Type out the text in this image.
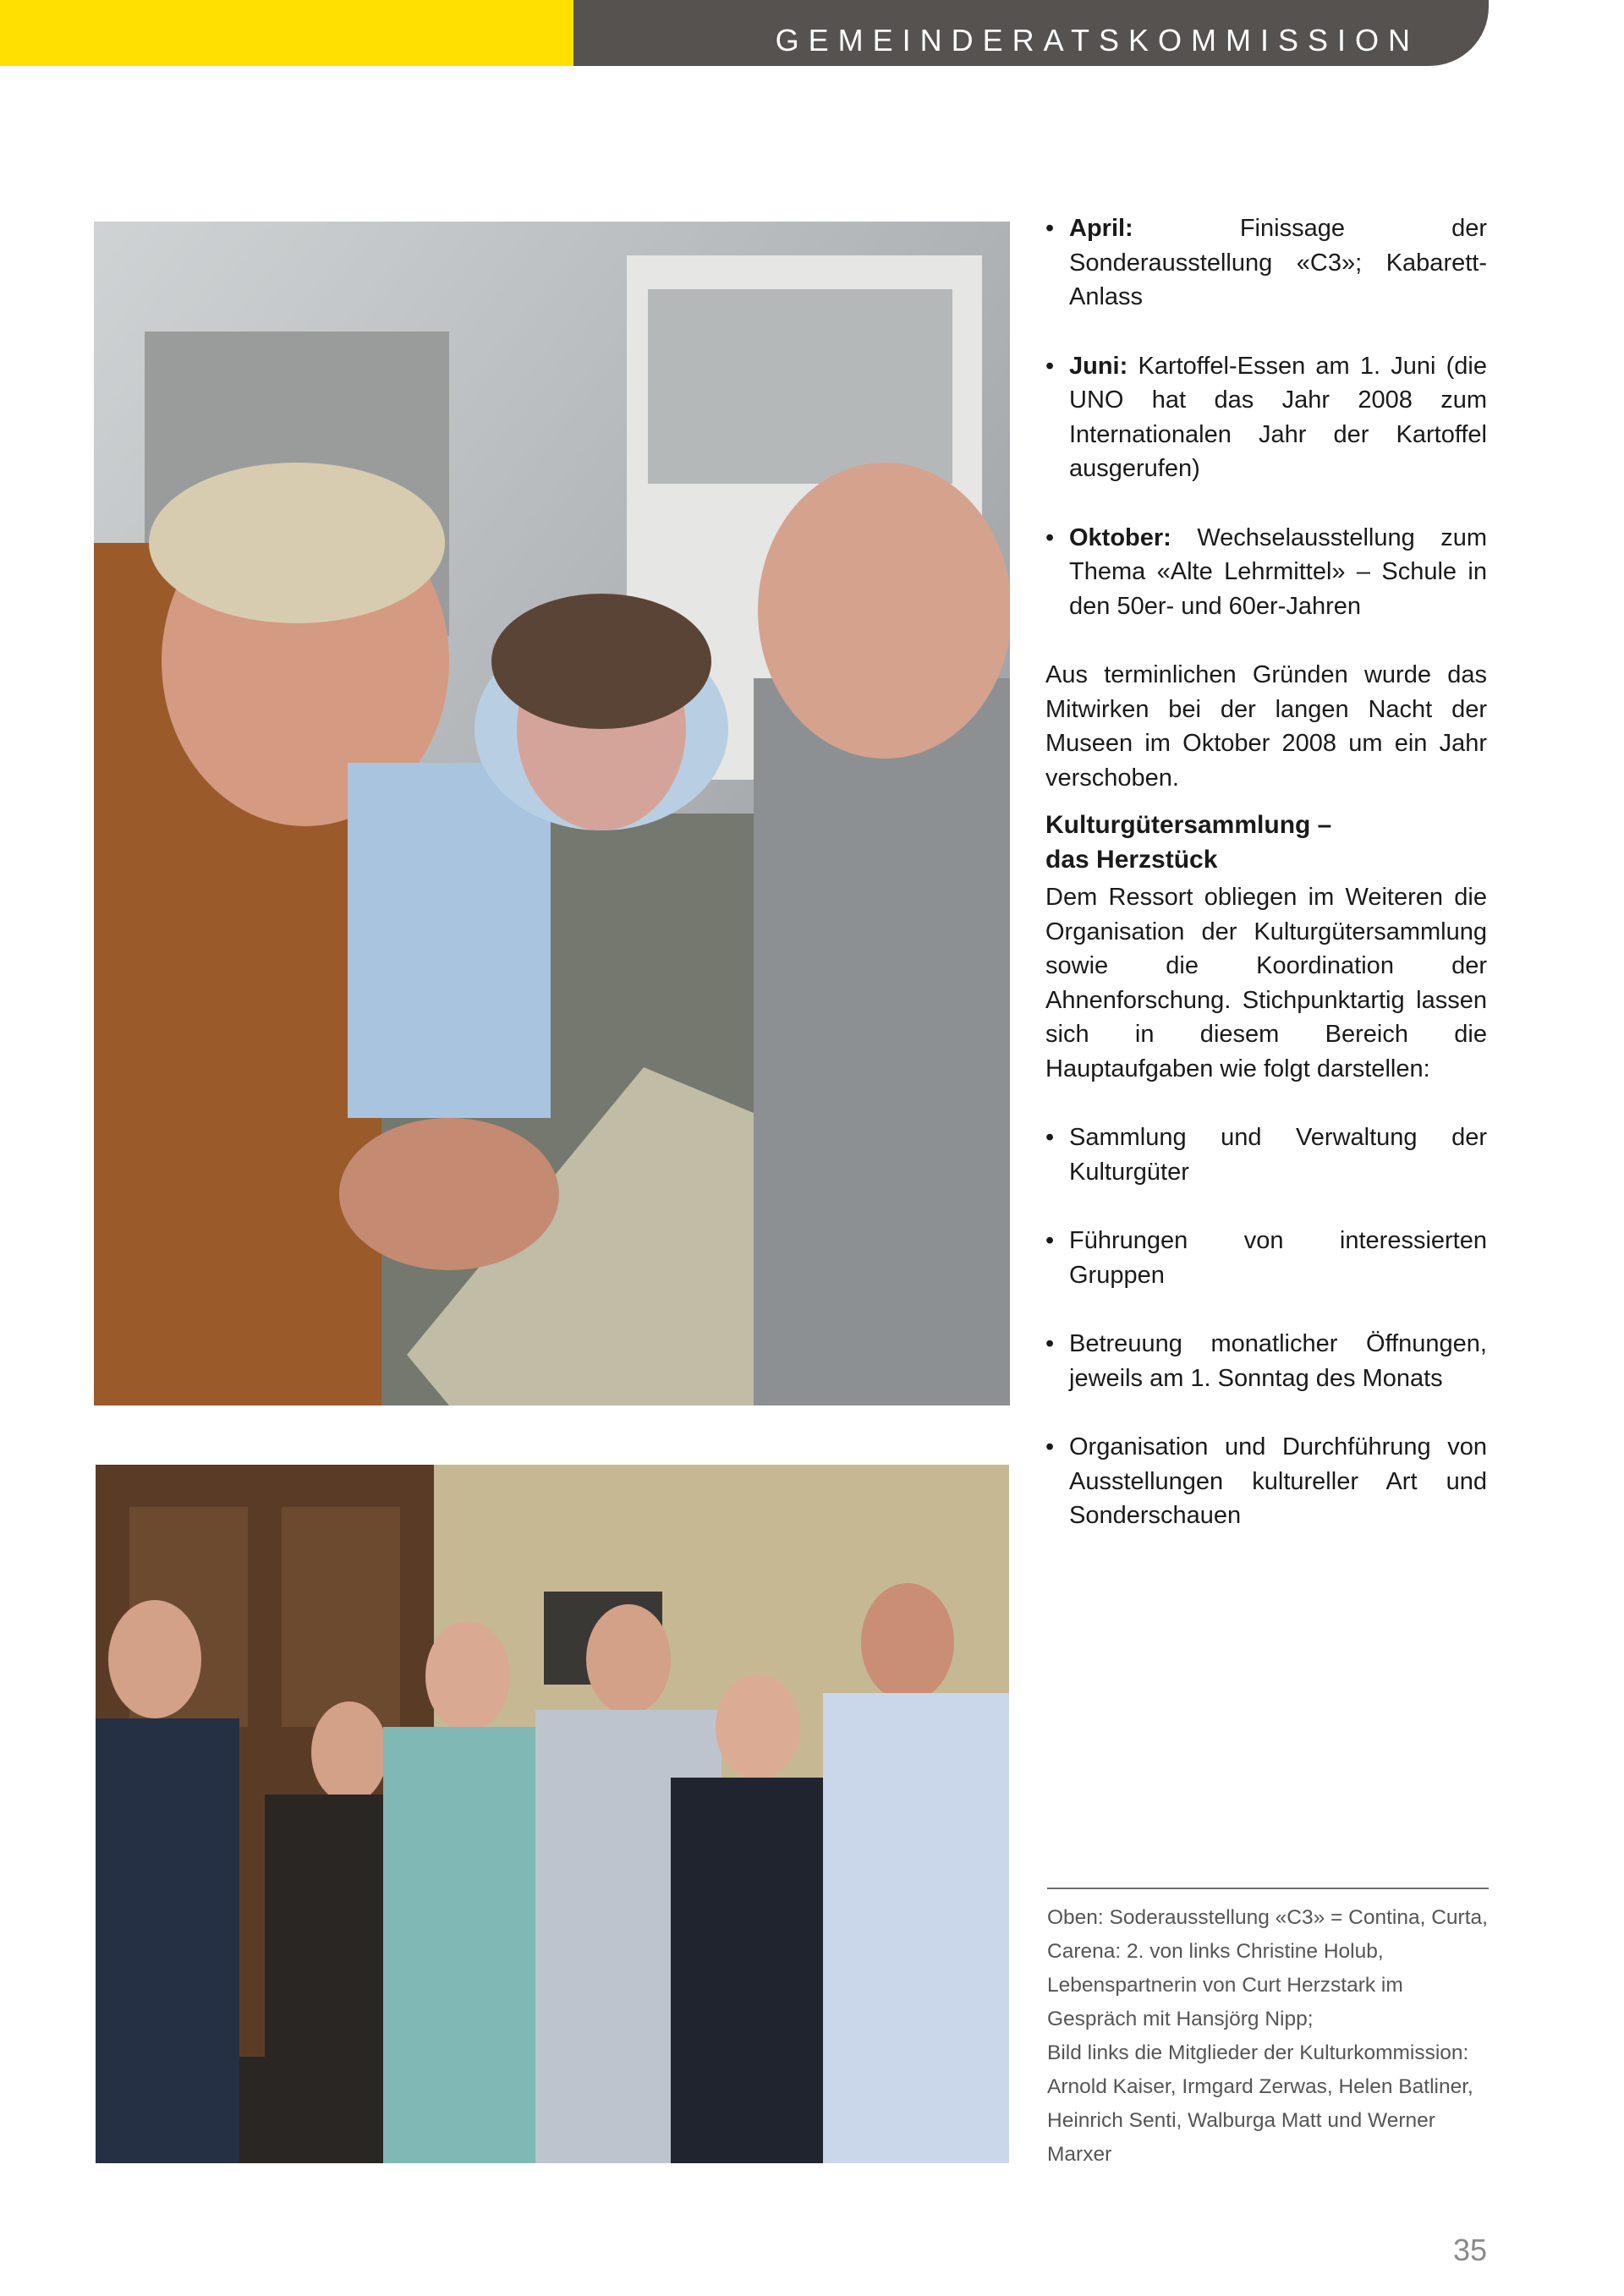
GEMEINDERATSKOMMISSION
• April: Finissage der Sonderausstellung «C3»; Kabarett-Anlass
• Juni: Kartoffel-Essen am 1. Juni (die UNO hat das Jahr 2008 zum Internationalen Jahr der Kartoffel ausgerufen)
• Oktober: Wechselausstellung zum Thema «Alte Lehrmittel» – Schule in den 50er- und 60er-Jahren
Aus terminlichen Gründen wurde das Mitwirken bei der langen Nacht der Museen im Oktober 2008 um ein Jahr verschoben.
Kulturgütersammlung –
das Herzstück
Dem Ressort obliegen im Weiteren die Organisation der Kulturgütersammlung sowie die Koordination der Ahnenforschung. Stichpunktartig lassen sich in diesem Bereich die Hauptaufgaben wie folgt darstellen:
• Sammlung und Verwaltung der Kulturgüter
• Führungen von interessierten Gruppen
• Betreuung monatlicher Öffnungen, jeweils am 1. Sonntag des Monats
• Organisation und Durchführung von Ausstellungen kultureller Art und Sonderschauen
Oben: Soderausstellung «C3» = Contina, Curta, Carena: 2. von links Christine Holub, Lebenspartnerin von Curt Herzstark im Gespräch mit Hansjörg Nipp;
Bild links die Mitglieder der Kulturkommission: Arnold Kaiser, Irmgard Zerwas, Helen Batliner, Heinrich Senti, Walburga Matt und Werner Marxer
35
